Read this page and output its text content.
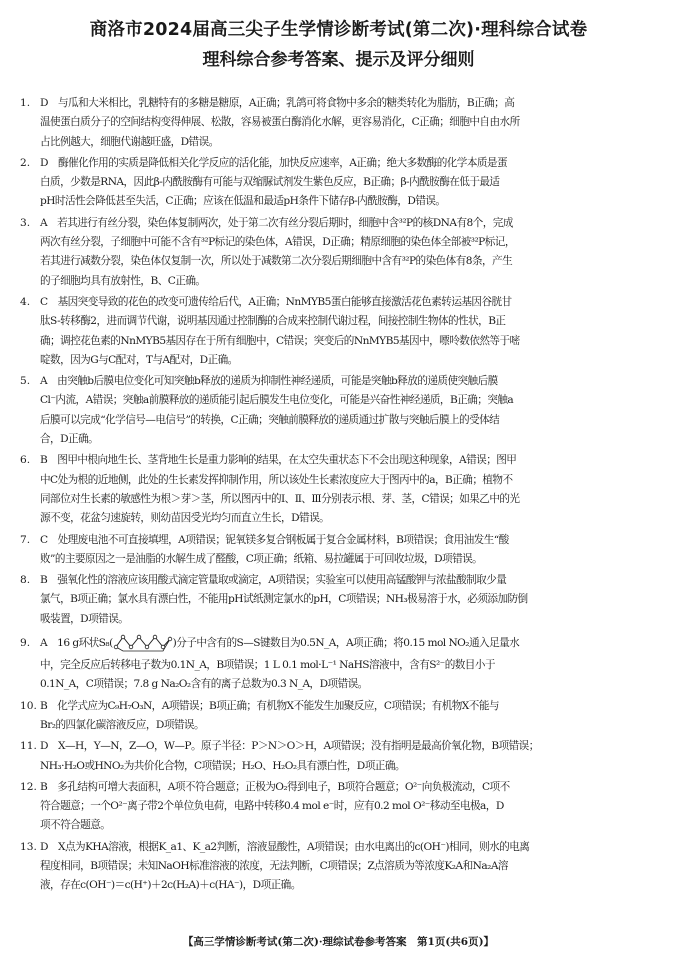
商洛市2024届高三尖子生学情诊断考试(第二次)·理科综合试卷
理科综合参考答案、提示及评分细则
1. D　与瓜和大米相比，乳糖特有的多糖是糖原，A正确；乳鸽可将食物中多余的糖类转化为脂肪，B正确；高
温使蛋白质分子的空间结构变得伸展、松散，容易被蛋白酶消化水解，更容易消化，C正确；细胞中自由水所
占比例越大，细胞代谢越旺盛，D错误。
2. D　酶催化作用的实质是降低相关化学反应的活化能，加快反应速率，A正确；绝大多数酶的化学本质是蛋
白质，少数是RNA，因此β-内酰胺酶有可能与双缩脲试剂发生紫色反应，B正确；β-内酰胺酶在低于最适
pH时活性会降低甚至失活，C正确；应该在低温和最适pH条件下储存β-内酰胺酶，D错误。
3. A　若其进行有丝分裂，染色体复制两次，处于第二次有丝分裂后期时，细胞中含³²P的核DNA有8个，完成
两次有丝分裂，子细胞中可能不含有³²P标记的染色体，A错误，D正确；精原细胞的染色体全部被³²P标记，
若其进行减数分裂，染色体仅复制一次，所以处于减数第二次分裂后期细胞中含有³²P的染色体有8条，产生
的子细胞均具有放射性，B、C正确。
4. C　基因突变导致的花色的改变可遗传给后代，A正确；NnMYB5蛋白能够直接激活花色素转运基因谷胱甘
肽S-转移酶2，进而调节代谢，说明基因通过控制酶的合成来控制代谢过程，间接控制生物体的性状，B正
确；调控花色素的NnMYB5基因存在于所有细胞中，C错误；突变后的NnMYB5基因中，嘌呤数依然等于嘧
啶数，因为G与C配对，T与A配对，D正确。
5. A　由突触b后膜电位变化可知突触b释放的递质为抑制性神经递质，可能是突触b释放的递质使突触后膜
Cl⁻内流，A错误；突触a前膜释放的递质能引起后膜发生电位变化，可能是兴奋性神经递质，B正确；突触a
后膜可以完成“化学信号—电信号”的转换，C正确；突触前膜释放的递质通过扩散与突触后膜上的受体结
合，D正确。
6. B　图甲中根向地生长、茎背地生长是重力影响的结果，在太空失重状态下不会出现这种现象，A错误；图甲
中C处为根的近地侧，此处的生长素发挥抑制作用，所以该处生长素浓度应大于图丙中的a，B正确；植物不
同部位对生长素的敏感性为根＞芽＞茎，所以图丙中的Ⅰ、Ⅱ、Ⅲ分别表示根、芽、茎，C错误；如果乙中的光
源不变，花盆匀速旋转，则幼苗因受光均匀而直立生长，D错误。
7. C　处理废电池不可直接填埋，A项错误；铌氧镁多复合钢板属于复合金属材料，B项错误；食用油发生“酸
败”的主要原因之一是油脂的水解生成了醛酸，C项正确；纸箱、易拉罐属于可回收垃圾，D项错误。
8. B　强氧化性的溶液应该用酸式滴定管量取或滴定，A项错误；实验室可以使用高锰酸钾与浓盐酸制取少量
氯气，B项正确；氯水具有漂白性，不能用pH试纸测定氯水的pH，C项错误；NH₃极易溶于水，必须添加防倒
吸装置，D项错误。
9. A　16 g环状S₈(	)分子中含有的S—S键数目为0.5N_A，A项正确；将0.15 mol NO₂通入足量水
中，完全反应后转移电子数为0.1N_A，B项错误；1 L 0.1 mol·L⁻¹ NaHS溶液中，含有S²⁻的数目小于
0.1N_A，C项错误；7.8 g Na₂O₂含有的离子总数为0.3 N_A，D项错误。
10. B　化学式应为C₉H₇O₃N，A项错误；B项正确；有机物X不能发生加聚反应，C项错误；有机物X不能与
Br₂的四氯化碳溶液反应，D项错误。
11. D　X—H，Y—N，Z—O，W—P。原子半径：P＞N＞O＞H，A项错误；没有指明是最高价氧化物，B项错误；
NH₃·H₂O或HNO₂为共价化合物，C项错误；H₂O、H₂O₂具有漂白性，D项正确。
12. B　多孔结构可增大表面积，A项不符合题意；正极为O₂得到电子，B项符合题意；O²⁻向负极流动，C项不
符合题意；一个O²⁻离子带2个单位负电荷，电路中转移0.4 mol e⁻时，应有0.2 mol O²⁻移动至电极a，D
项不符合题意。
13. D　X点为KHA溶液，根据K_a1、K_a2判断，溶液显酸性，A项错误；由水电离出的c(OH⁻)相同，则水的电离
程度相同，B项错误；未知NaOH标准溶液的浓度，无法判断，C项错误；Z点溶质为等浓度K₂A和Na₂A溶
液，存在c(OH⁻)＝c(H⁺)＋2c(H₂A)＋c(HA⁻)，D项正确。
【高三学情诊断考试(第二次)·理综试卷参考答案　第1页(共6页)】
